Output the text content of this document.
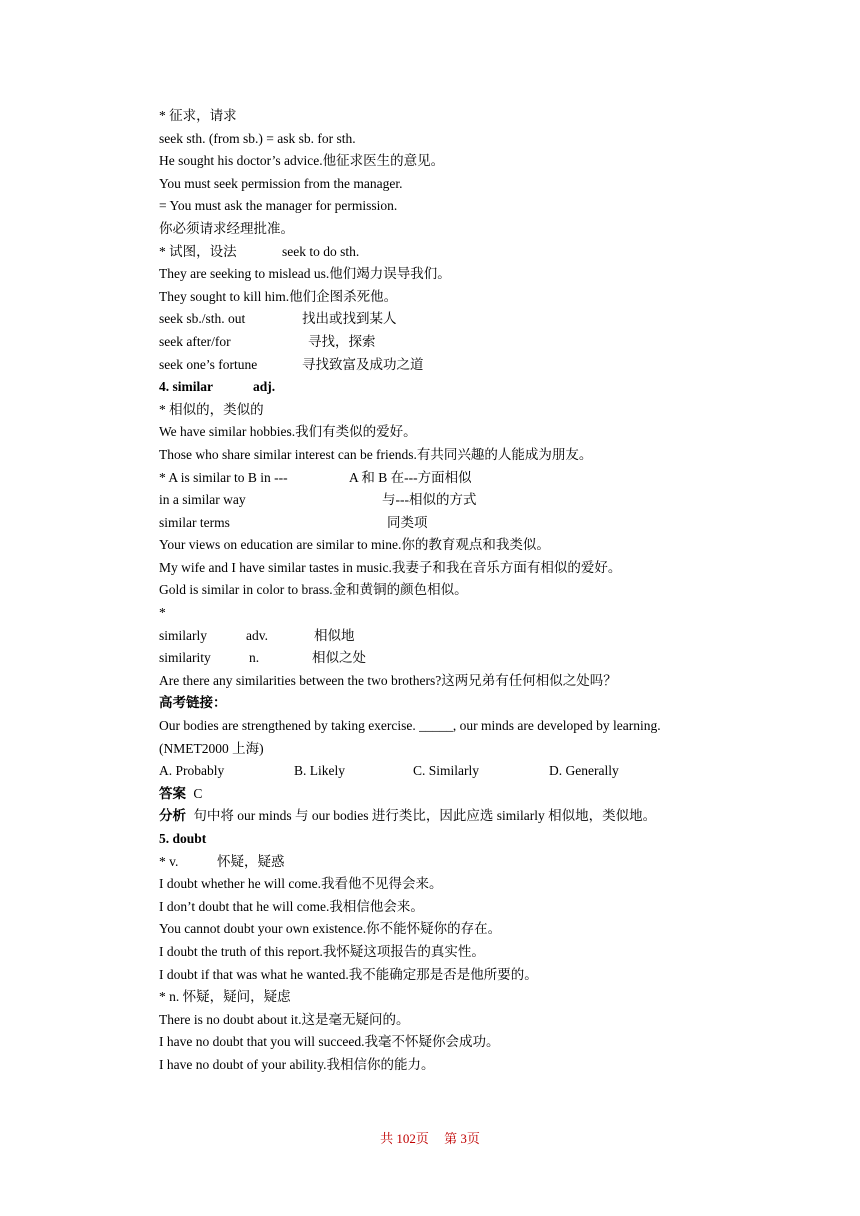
* 征求，请求
seek sth. (from sb.) = ask sb. for sth.
He sought his doctor’s advice.他征求医生的意见。
You must seek permission from the manager.
= You must ask the manager for permission.
你必须请求经理批准。
* 试图，设法	seek to do sth.
They are seeking to mislead us.他们竭力误导我们。
They sought to kill him.他们企图杀死他。
seek sb./sth. out	找出或找到某人
seek after/for	寻找，探索
seek one’s fortune	寻找致富及成功之道
4. similar	adj.
* 相似的，类似的
We have similar hobbies.我们有类似的爱好。
Those who share similar interest can be friends.有共同兴趣的人能成为朋友。
* A is similar to B in ---	A 和 B 在---方面相似
in a similar way	与---相似的方式
similar terms	同类项
Your views on education are similar to mine.你的教育观点和我类似。
My wife and I have similar tastes in music.我妻子和我在音乐方面有相似的爱好。
Gold is similar in color to brass.金和黄铜的颜色相似。
*
similarly	adv.	相似地
similarity	n.	相似之处
Are there any similarities between the two brothers?这两兄弟有任何相似之处吗？
高考链接：
Our bodies are strengthened by taking exercise. _____, our minds are developed by learning.
(NMET2000 上海)
A. Probably	B. Likely	C. Similarly	D. Generally
答案 C
分析 句中将 our minds 与 our bodies 进行类比，因此应选 similarly 相似地，类似地。
5. doubt
* v.	怀疑，疑惑
I doubt whether he will come.我看他不见得会来。
I don’t doubt that he will come.我相信他会来。
You cannot doubt your own existence.你不能怀疑你的存在。
I doubt the truth of this report.我怀疑这项报告的真实性。
I doubt if that was what he wanted.我不能确定那是否是他所要的。
* n. 怀疑，疑问，疑虑
There is no doubt about it.这是毫无疑问的。
I have no doubt that you will succeed.我毫不怀疑你会成功。
I have no doubt of your ability.我相信你的能力。
共 102页 第 3页
